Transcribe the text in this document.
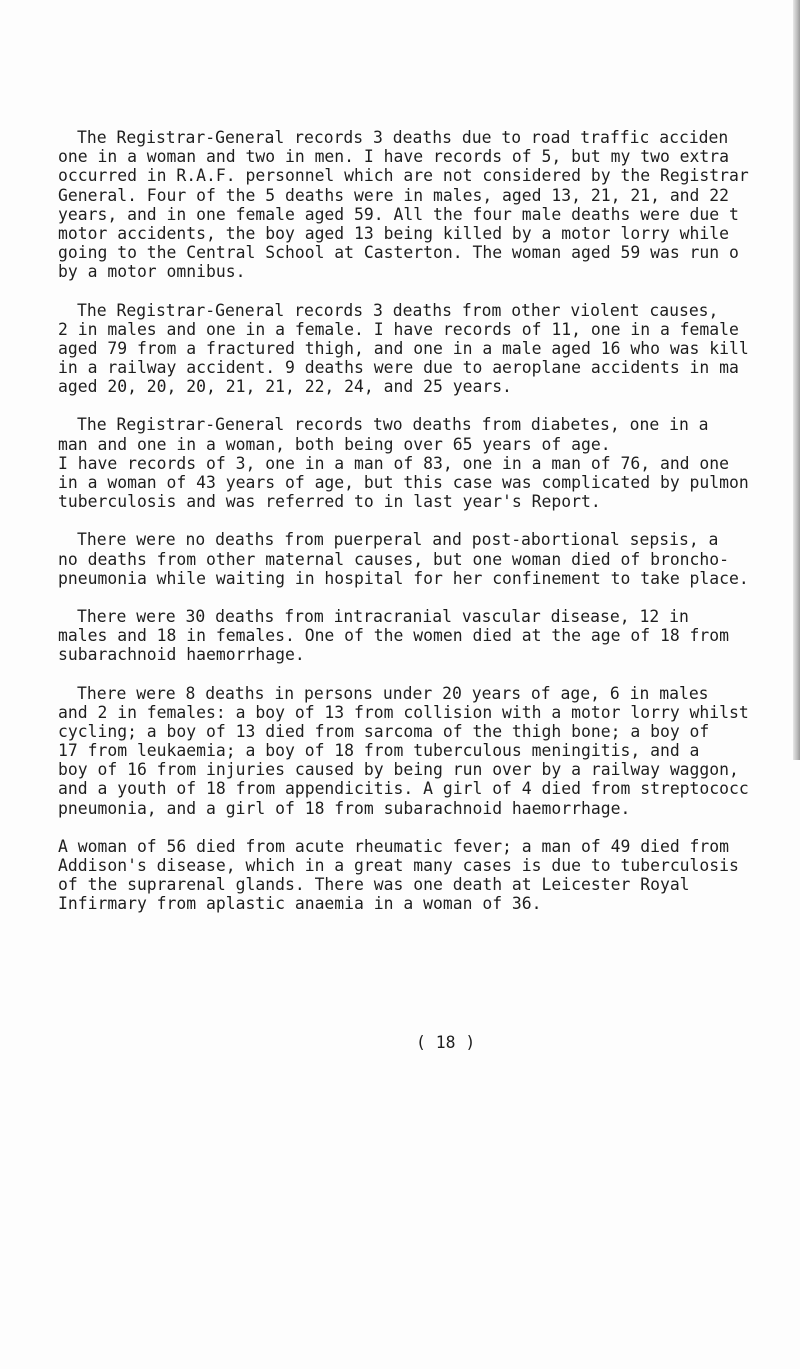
The Registrar-General records 3 deaths due to road traffic acciden
one in a woman and two in men. I have records of 5, but my two extra
occurred in R.A.F. personnel which are not considered by the Registrar
General. Four of the 5 deaths were in males, aged 13, 21, 21, and 22
years, and in one female aged 59. All the four male deaths were due t
motor accidents, the boy aged 13 being killed by a motor lorry while
going to the Central School at Casterton. The woman aged 59 was run o
by a motor omnibus.

The Registrar-General records 3 deaths from other violent causes,
2 in males and one in a female. I have records of 11, one in a female
aged 79 from a fractured thigh, and one in a male aged 16 who was kill
in a railway accident. 9 deaths were due to aeroplane accidents in ma
aged 20, 20, 20, 21, 21, 22, 24, and 25 years.

The Registrar-General records two deaths from diabetes, one in a
man and one in a woman, both being over 65 years of age.
I have records of 3, one in a man of 83, one in a man of 76, and one
in a woman of 43 years of age, but this case was complicated by pulmon
tuberculosis and was referred to in last year's Report.

There were no deaths from puerperal and post-abortional sepsis, a
no deaths from other maternal causes, but one woman died of broncho-
pneumonia while waiting in hospital for her confinement to take place.

There were 30 deaths from intracranial vascular disease, 12 in
males and 18 in females. One of the women died at the age of 18 from
subarachnoid haemorrhage.

There were 8 deaths in persons under 20 years of age, 6 in males
and 2 in females: a boy of 13 from collision with a motor lorry whilst
cycling; a boy of 13 died from sarcoma of the thigh bone; a boy of
17 from leukaemia; a boy of 18 from tuberculous meningitis, and a
boy of 16 from injuries caused by being run over by a railway waggon,
and a youth of 18 from appendicitis. A girl of 4 died from streptococc
pneumonia, and a girl of 18 from subarachnoid haemorrhage.

A woman of 56 died from acute rheumatic fever; a man of 49 died from
Addison's disease, which in a great many cases is due to tuberculosis
of the suprarenal glands. There was one death at Leicester Royal
Infirmary from aplastic anaemia in a woman of 36.

( 18 )
